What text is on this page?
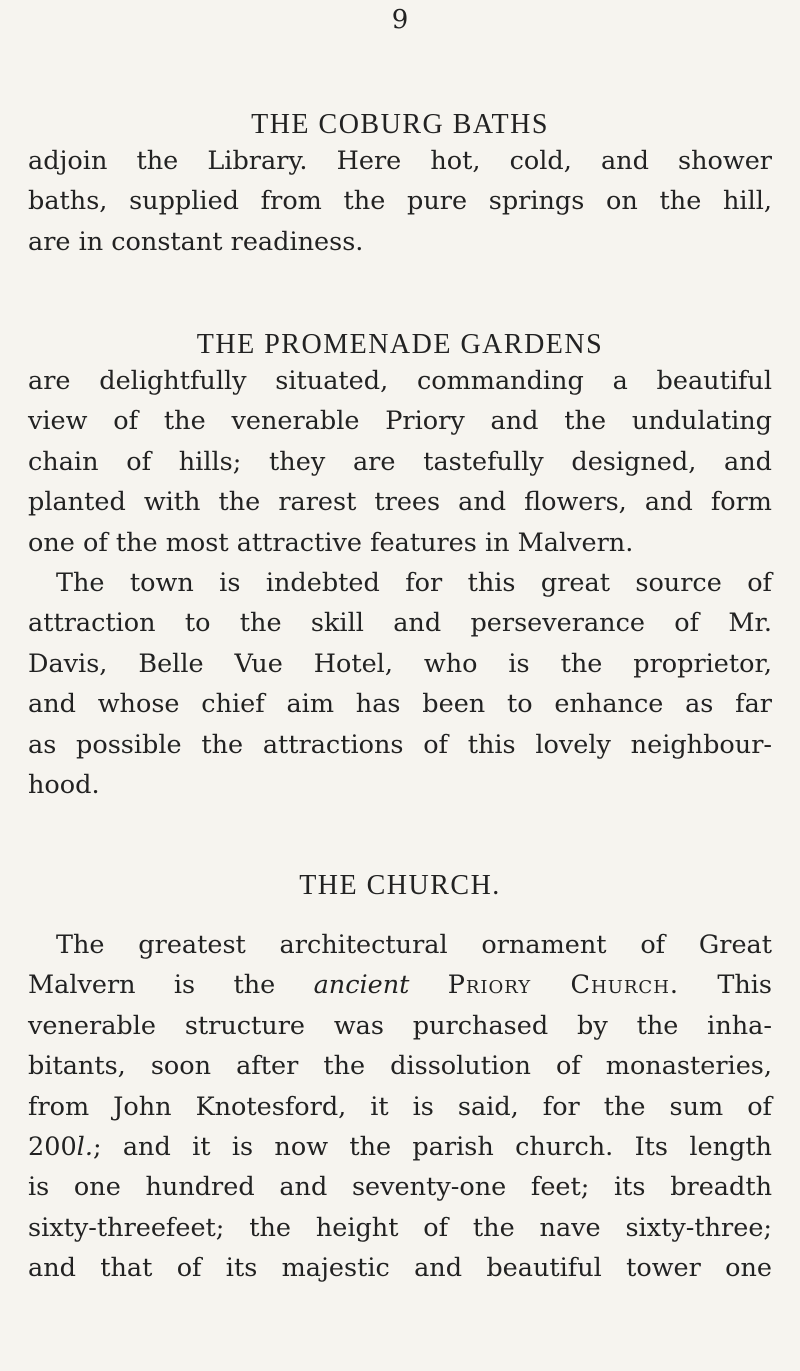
9
THE COBURG BATHS
adjoin the Library. Here hot, cold, and shower
baths, supplied from the pure springs on the hill,
are in constant readiness.
THE PROMENADE GARDENS
are delightfully situated, commanding a beautiful
view of the venerable Priory and the undulating
chain of hills; they are tastefully designed, and
planted with the rarest trees and flowers, and form
one of the most attractive features in Malvern.
The town is indebted for this great source of
attraction to the skill and perseverance of Mr.
Davis, Belle Vue Hotel, who is the proprietor,
and whose chief aim has been to enhance as far
as possible the attractions of this lovely neighbour-
hood.
THE CHURCH.
The greatest architectural ornament of Great
Malvern is the ancient Priory Church. This
venerable structure was purchased by the inha-
bitants, soon after the dissolution of monasteries,
from John Knotesford, it is said, for the sum of
200l.; and it is now the parish church. Its length
is one hundred and seventy-one feet; its breadth
sixty-threefeet; the height of the nave sixty-three;
and that of its majestic and beautiful tower one
